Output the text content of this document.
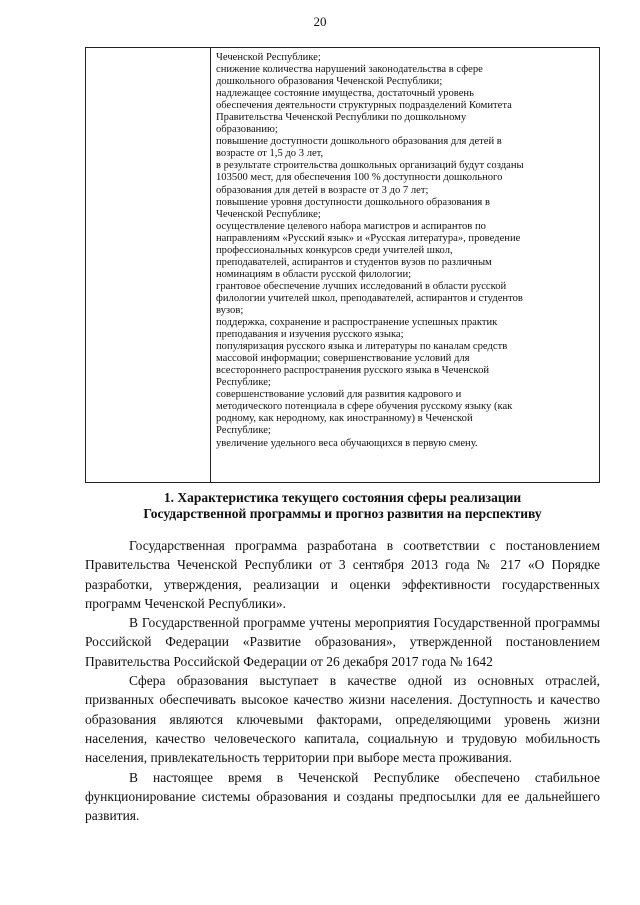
20

Чеченской Республике;

снижение количества нарушений законодательства в сфере

дошкольного образования Чеченской Республики;

надлежащее состояние имущества, достаточный уровень

обеспечения деятельности структурных подразделений Комитета

Правительства Чеченской Республики по дошкольному

образованию;

повышение доступности дошкольного образования для детей в

возрасте от 1,5 до 3 лет,

в результате строительства дошкольных организаций будут созданы

103500 мест, для обеспечения 100 % доступности дошкольного

образования для детей в возрасте от 3 до 7 лет;

повышение уровня доступности дошкольного образования в

Чеченской Республике;

осуществление целевого набора магистров и аспирантов по

направлениям «Русский язык» и «Русская литература», проведение

профессиональных конкурсов среди учителей школ,

преподавателей, аспирантов и студентов вузов по различным

номинациям в области русской филологии;

грантовое обеспечение лучших исследований в области русской

филологии учителей школ, преподавателей, аспирантов и студентов

вузов;

поддержка, сохранение и распространение успешных практик

преподавания и изучения русского языка;

популяризация русского языка и литературы по каналам средств

массовой информации; совершенствование условий для

всестороннего распространения русского языка в Чеченской

Республике;

совершенствование условий для развития кадрового и

методического потенциала в сфере обучения русскому языку (как

родному, как неродному, как иностранному) в Чеченской

Республике;

увеличение удельного веса обучающихся в первую смену.

1. Характеристика текущего состояния сферы реализации

Государственной программы и прогноз развития на перспективу

Государственная программа разработана в соответствии с постановлением Правительства Чеченской Республики от 3 сентября 2013 года № 217 «О Порядке разработки, утверждения, реализации и оценки эффективности государственных программ Чеченской Республики».

В Государственной программе учтены мероприятия Государственной программы Российской Федерации «Развитие образования», утвержденной постановлением Правительства Российской Федерации от 26 декабря 2017 года № 1642

Сфера образования выступает в качестве одной из основных отраслей, призванных обеспечивать высокое качество жизни населения. Доступность и качество образования являются ключевыми факторами, определяющими уровень жизни населения, качество человеческого капитала, социальную и трудовую мобильность населения, привлекательность территории при выборе места проживания.

В настоящее время в Чеченской Республике обеспечено стабильное функционирование системы образования и созданы предпосылки для ее дальнейшего развития.
